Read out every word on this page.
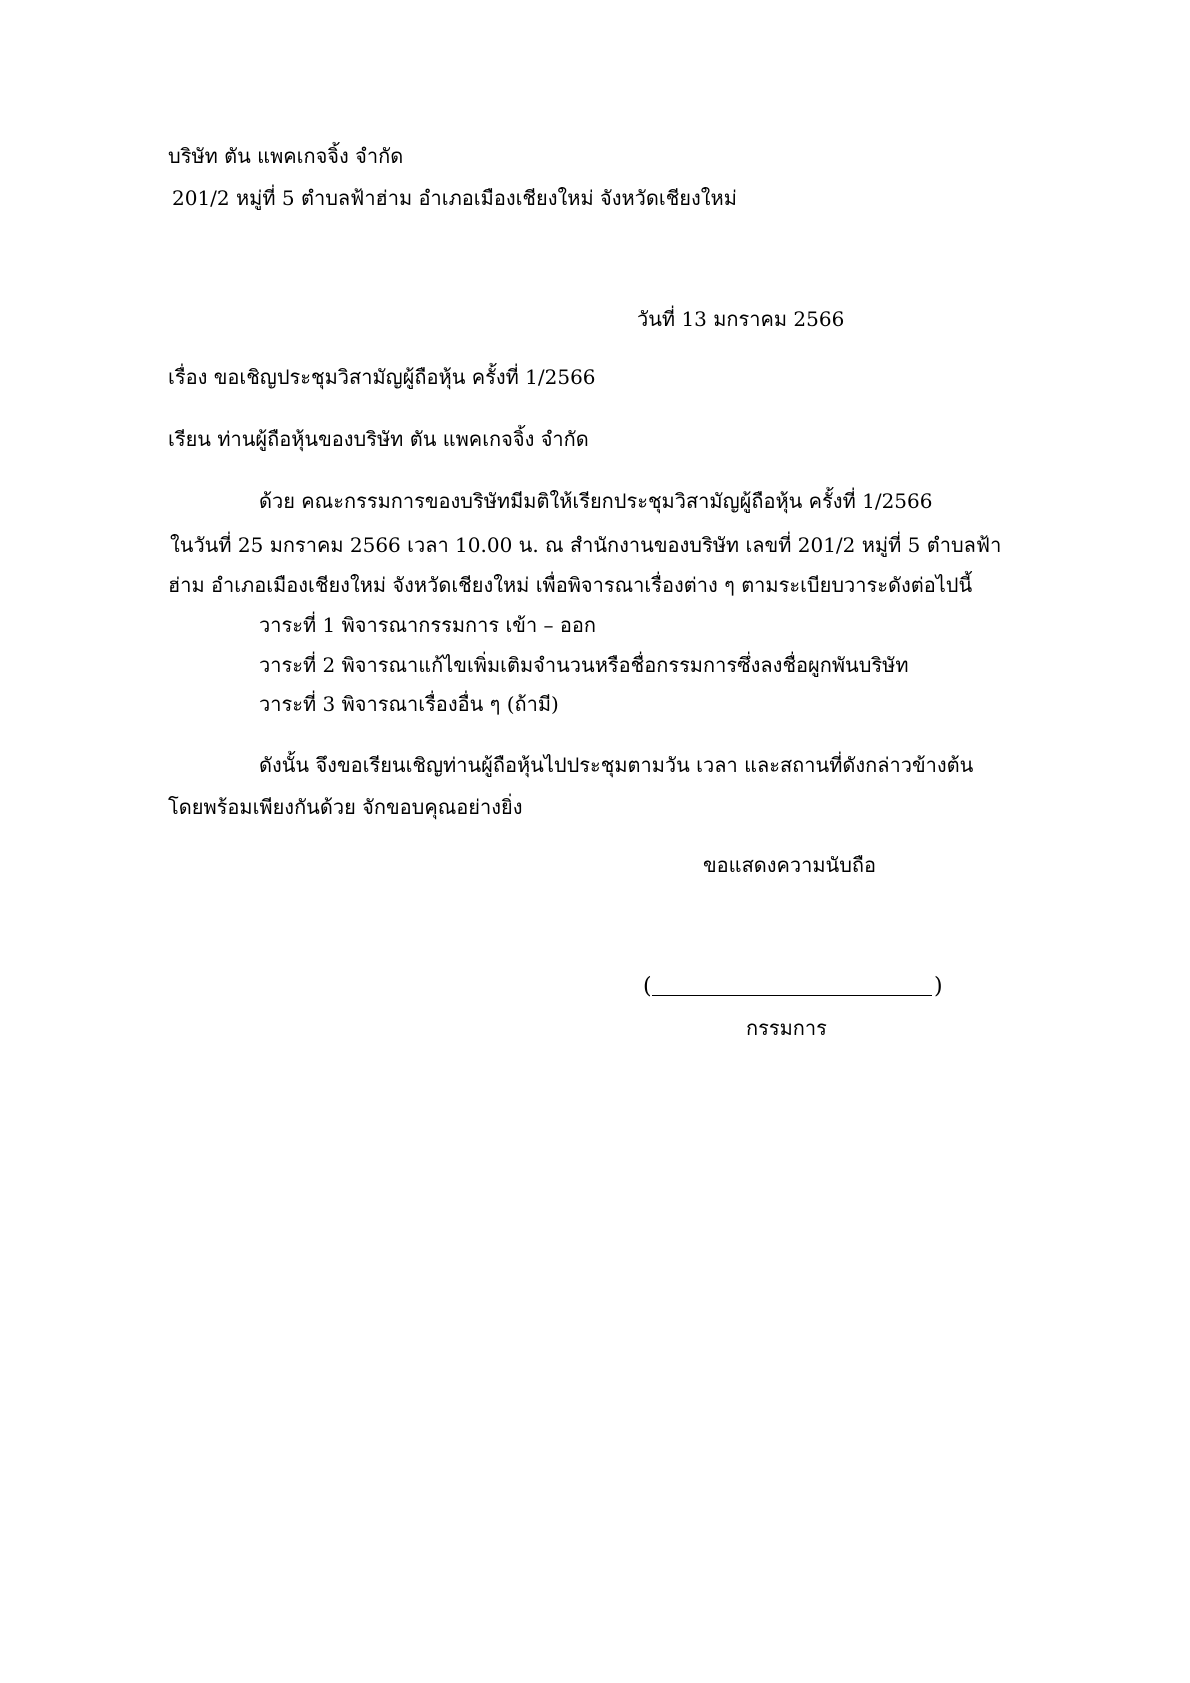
บริษัท ตัน แพคเกจจิ้ง จำกัด
201/2 หมู่ที่ 5 ตำบลฟ้าฮ่าม อำเภอเมืองเชียงใหม่ จังหวัดเชียงใหม่
วันที่ 13 มกราคม 2566
เรื่อง ขอเชิญประชุมวิสามัญผู้ถือหุ้น ครั้งที่ 1/2566
เรียน ท่านผู้ถือหุ้นของบริษัท ตัน แพคเกจจิ้ง จำกัด
ด้วย คณะกรรมการของบริษัทมีมติให้เรียกประชุมวิสามัญผู้ถือหุ้น ครั้งที่ 1/2566
ในวันที่ 25 มกราคม 2566 เวลา 10.00 น. ณ สำนักงานของบริษัท เลขที่ 201/2 หมู่ที่ 5 ตำบลฟ้า
ฮ่าม อำเภอเมืองเชียงใหม่ จังหวัดเชียงใหม่ เพื่อพิจารณาเรื่องต่าง ๆ ตามระเบียบวาระดังต่อไปนี้
วาระที่ 1 พิจารณากรรมการ เข้า – ออก
วาระที่ 2 พิจารณาแก้ไขเพิ่มเติมจำนวนหรือชื่อกรรมการซึ่งลงชื่อผูกพันบริษัท
วาระที่ 3 พิจารณาเรื่องอื่น ๆ (ถ้ามี)
ดังนั้น จึงขอเรียนเชิญท่านผู้ถือหุ้นไปประชุมตามวัน เวลา และสถานที่ดังกล่าวข้างต้น
โดยพร้อมเพียงกันด้วย จักขอบคุณอย่างยิ่ง
ขอแสดงความนับถือ
(	)
กรรมการ
